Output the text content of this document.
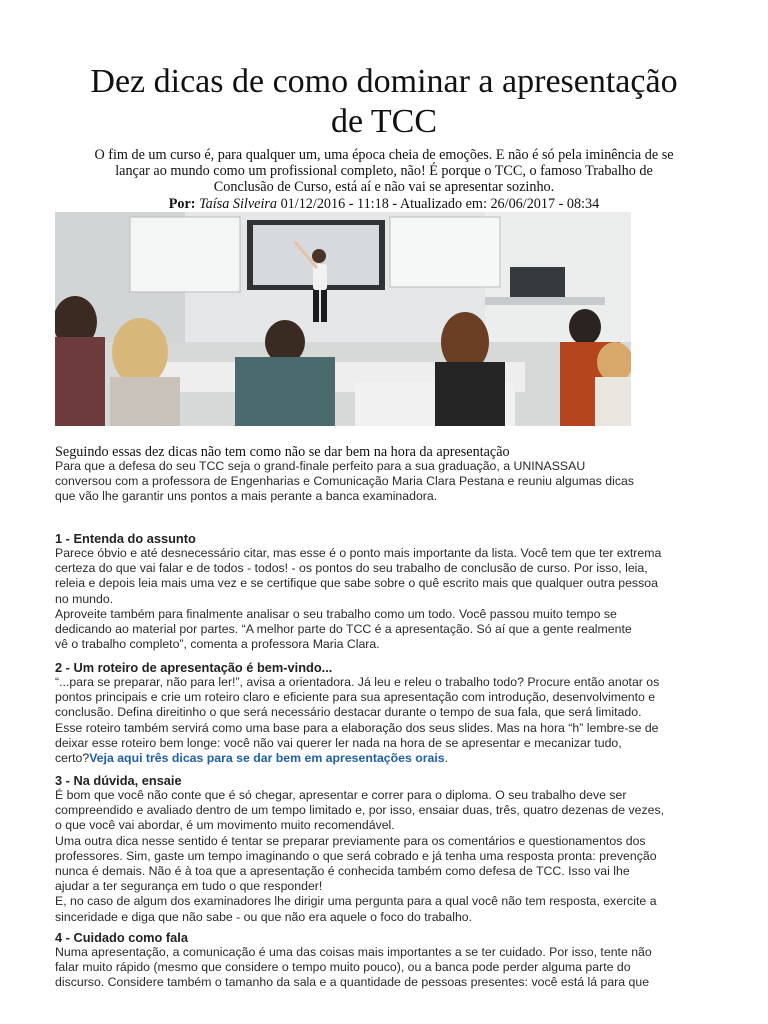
Dez dicas de como dominar a apresentação
de TCC
O fim de um curso é, para qualquer um, uma época cheia de emoções. E não é só pela iminência de se
lançar ao mundo como um profissional completo, não! É porque o TCC, o famoso Trabalho de
Conclusão de Curso, está aí e não vai se apresentar sozinho.
Por: Taísa Silveira 01/12/2016 - 11:18 - Atualizado em: 26/06/2017 - 08:34
Seguindo essas dez dicas não tem como não se dar bem na hora da apresentação
Para que a defesa do seu TCC seja o grand-finale perfeito para a sua graduação, a UNINASSAU
conversou com a professora de Engenharias e Comunicação Maria Clara Pestana e reuniu algumas dicas
que vão lhe garantir uns pontos a mais perante a banca examinadora.
1 - Entenda do assunto
Parece óbvio e até desnecessário citar, mas esse é o ponto mais importante da lista. Você tem que ter extrema
certeza do que vai falar e de todos - todos! - os pontos do seu trabalho de conclusão de curso. Por isso, leia,
releia e depois leia mais uma vez e se certifique que sabe sobre o quê escrito mais que qualquer outra pessoa
no mundo.
Aproveite também para finalmente analisar o seu trabalho como um todo. Você passou muito tempo se
dedicando ao material por partes. “A melhor parte do TCC é a apresentação. Só aí que a gente realmente
vê o trabalho completo”, comenta a professora Maria Clara.
2 - Um roteiro de apresentação é bem-vindo...
“...para se preparar, não para ler!”, avisa a orientadora. Já leu e releu o trabalho todo? Procure então anotar os
pontos principais e crie um roteiro claro e eficiente para sua apresentação com introdução, desenvolvimento e
conclusão. Defina direitinho o que será necessário destacar durante o tempo de sua fala, que será limitado.
Esse roteiro também servirá como uma base para a elaboração dos seus slides. Mas na hora “h” lembre-se de
deixar esse roteiro bem longe: você não vai querer ler nada na hora de se apresentar e mecanizar tudo,
certo?Veja aqui três dicas para se dar bem em apresentações orais.
3 - Na dúvida, ensaie
É bom que você não conte que é só chegar, apresentar e correr para o diploma. O seu trabalho deve ser
compreendido e avaliado dentro de um tempo limitado e, por isso, ensaiar duas, três, quatro dezenas de vezes,
o que você vai abordar, é um movimento muito recomendável.
Uma outra dica nesse sentido é tentar se preparar previamente para os comentários e questionamentos dos
professores. Sim, gaste um tempo imaginando o que será cobrado e já tenha uma resposta pronta: prevenção
nunca é demais. Não é à toa que a apresentação é conhecida também como defesa de TCC. Isso vai lhe
ajudar a ter segurança em tudo o que responder!
E, no caso de algum dos examinadores lhe dirigir uma pergunta para a qual você não tem resposta, exercite a
sinceridade e diga que não sabe - ou que não era aquele o foco do trabalho.
4 - Cuidado como fala
Numa apresentação, a comunicação é uma das coisas mais importantes a se ter cuidado. Por isso, tente não
falar muito rápido (mesmo que considere o tempo muito pouco), ou a banca pode perder alguma parte do
discurso. Considere também o tamanho da sala e a quantidade de pessoas presentes: você está lá para que
